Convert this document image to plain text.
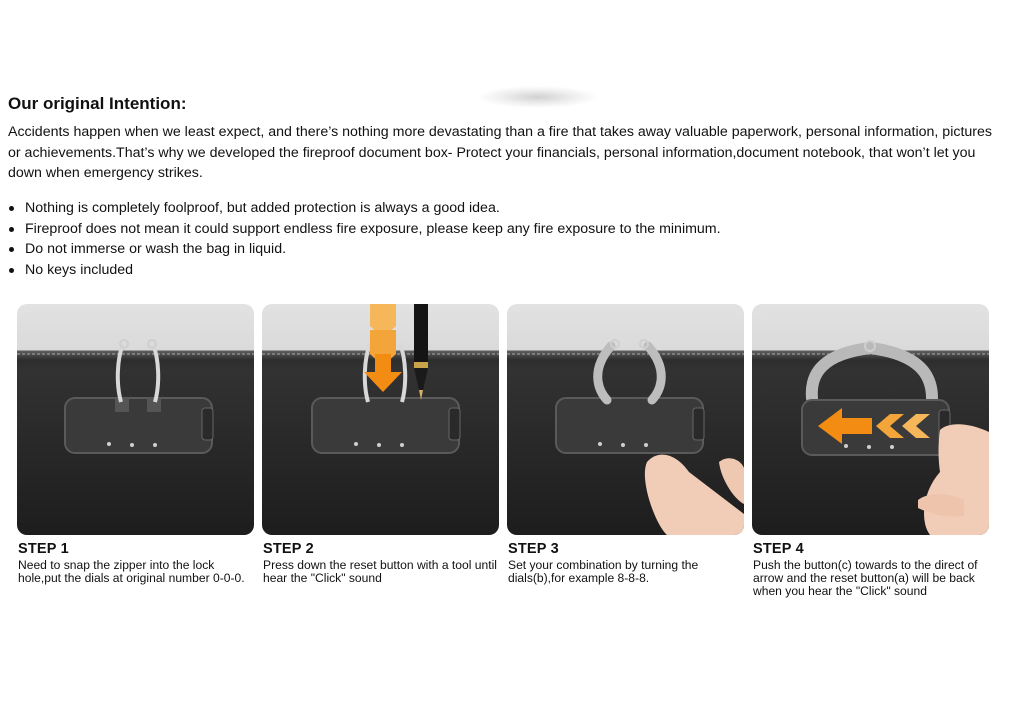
Our original Intention:

Accidents happen when we least expect, and there’s nothing more devastating than a fire that takes away valuable paperwork, personal information, pictures or achievements.That’s why we developed the fireproof document box- Protect your financials, personal information,document notebook, that won’t let you down when emergency strikes.

Nothing is completely foolproof, but added protection is always a good idea.
Fireproof does not mean it could support endless fire exposure, please keep any fire exposure to the minimum.
Do not immerse or wash the bag in liquid.
No keys included
STEP 1
Need to snap the zipper into the lock hole,put the dials at original number 0-0-0.
STEP 2
Press down the reset button with a tool until hear the "Click" sound
STEP 3
Set your combination by turning the dials(b),for example 8-8-8.
STEP 4
Push the button(c) towards to the direct of arrow and the reset button(a) will be back when you hear the "Click" sound
